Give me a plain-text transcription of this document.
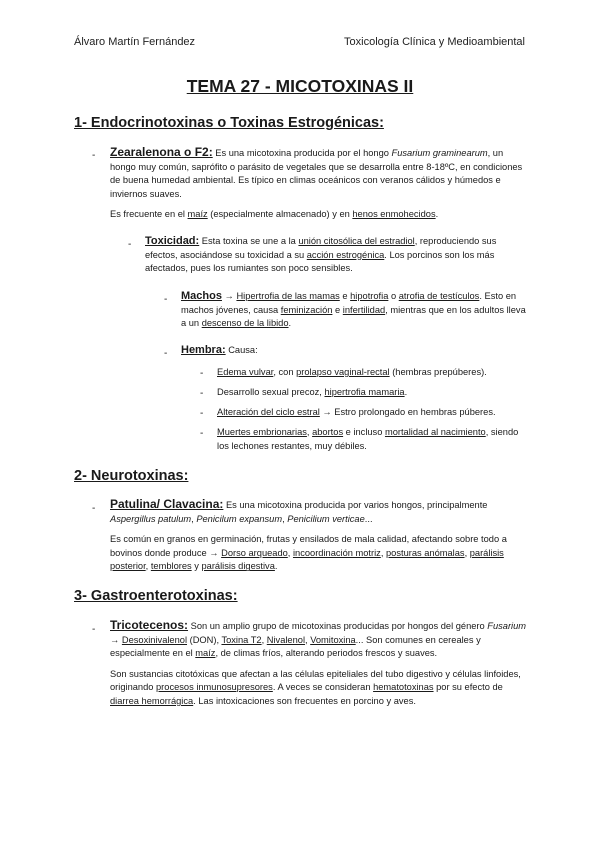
Álvaro Martín Fernández	Toxicología Clínica y Medioambiental
TEMA 27 - MICOTOXINAS II
1- Endocrinotoxinas o Toxinas Estrogénicas:
- Zearalenona o F2: Es una micotoxina producida por el hongo Fusarium graminearum, un hongo muy común, saprófito o parásito de vegetales que se desarrolla entre 8-18ºC, en condiciones de buena humedad ambiental. Es típico en climas oceánicos con veranos cálidos y húmedos e inviernos suaves.

Es frecuente en el maíz (especialmente almacenado) y en henos enmohecidos.

- Toxicidad: Esta toxina se une a la unión citosólica del estradiol, reproduciendo sus efectos, asociándose su toxicidad a su acción estrogénica. Los porcinos son los más afectados, pues los rumiantes son poco sensibles.

- Machos → Hipertrofia de las mamas e hipotrofia o atrofia de testículos. Esto en machos jóvenes, causa feminización e infertilidad, mientras que en los adultos lleva a un descenso de la libido.

- Hembra: Causa:

- Edema vulvar, con prolapso vaginal-rectal (hembras prepúberes).

- Desarrollo sexual precoz, hipertrofia mamaria.

- Alteración del ciclo estral → Estro prolongado en hembras púberes.

- Muertes embrionarias, abortos e incluso mortalidad al nacimiento, siendo los lechones restantes, muy débiles.

2- Neurotoxinas:
- Patulina/ Clavacina: Es una micotoxina producida por varios hongos, principalmente Aspergillus patulum, Penicilum expansum, Penicilium verticae...

Es común en granos en germinación, frutas y ensilados de mala calidad, afectando sobre todo a bovinos donde produce → Dorso arqueado, incoordinación motriz, posturas anómalas, parálisis posterior, temblores y parálisis digestiva.

3- Gastroenterotoxinas:
- Tricotecenos: Son un amplio grupo de micotoxinas producidas por hongos del género Fusarium → Desoxinivalenol (DON), Toxina T2, Nivalenol, Vomitoxina... Son comunes en cereales y especialmente en el maíz, de climas fríos, alterando periodos frescos y suaves.

Son sustancias citotóxicas que afectan a las células epiteliales del tubo digestivo y células linfoides, originando procesos inmunosupresores. A veces se consideran hematotoxinas por su efecto de diarrea hemorrágica. Las intoxicaciones son frecuentes en porcino y aves.
